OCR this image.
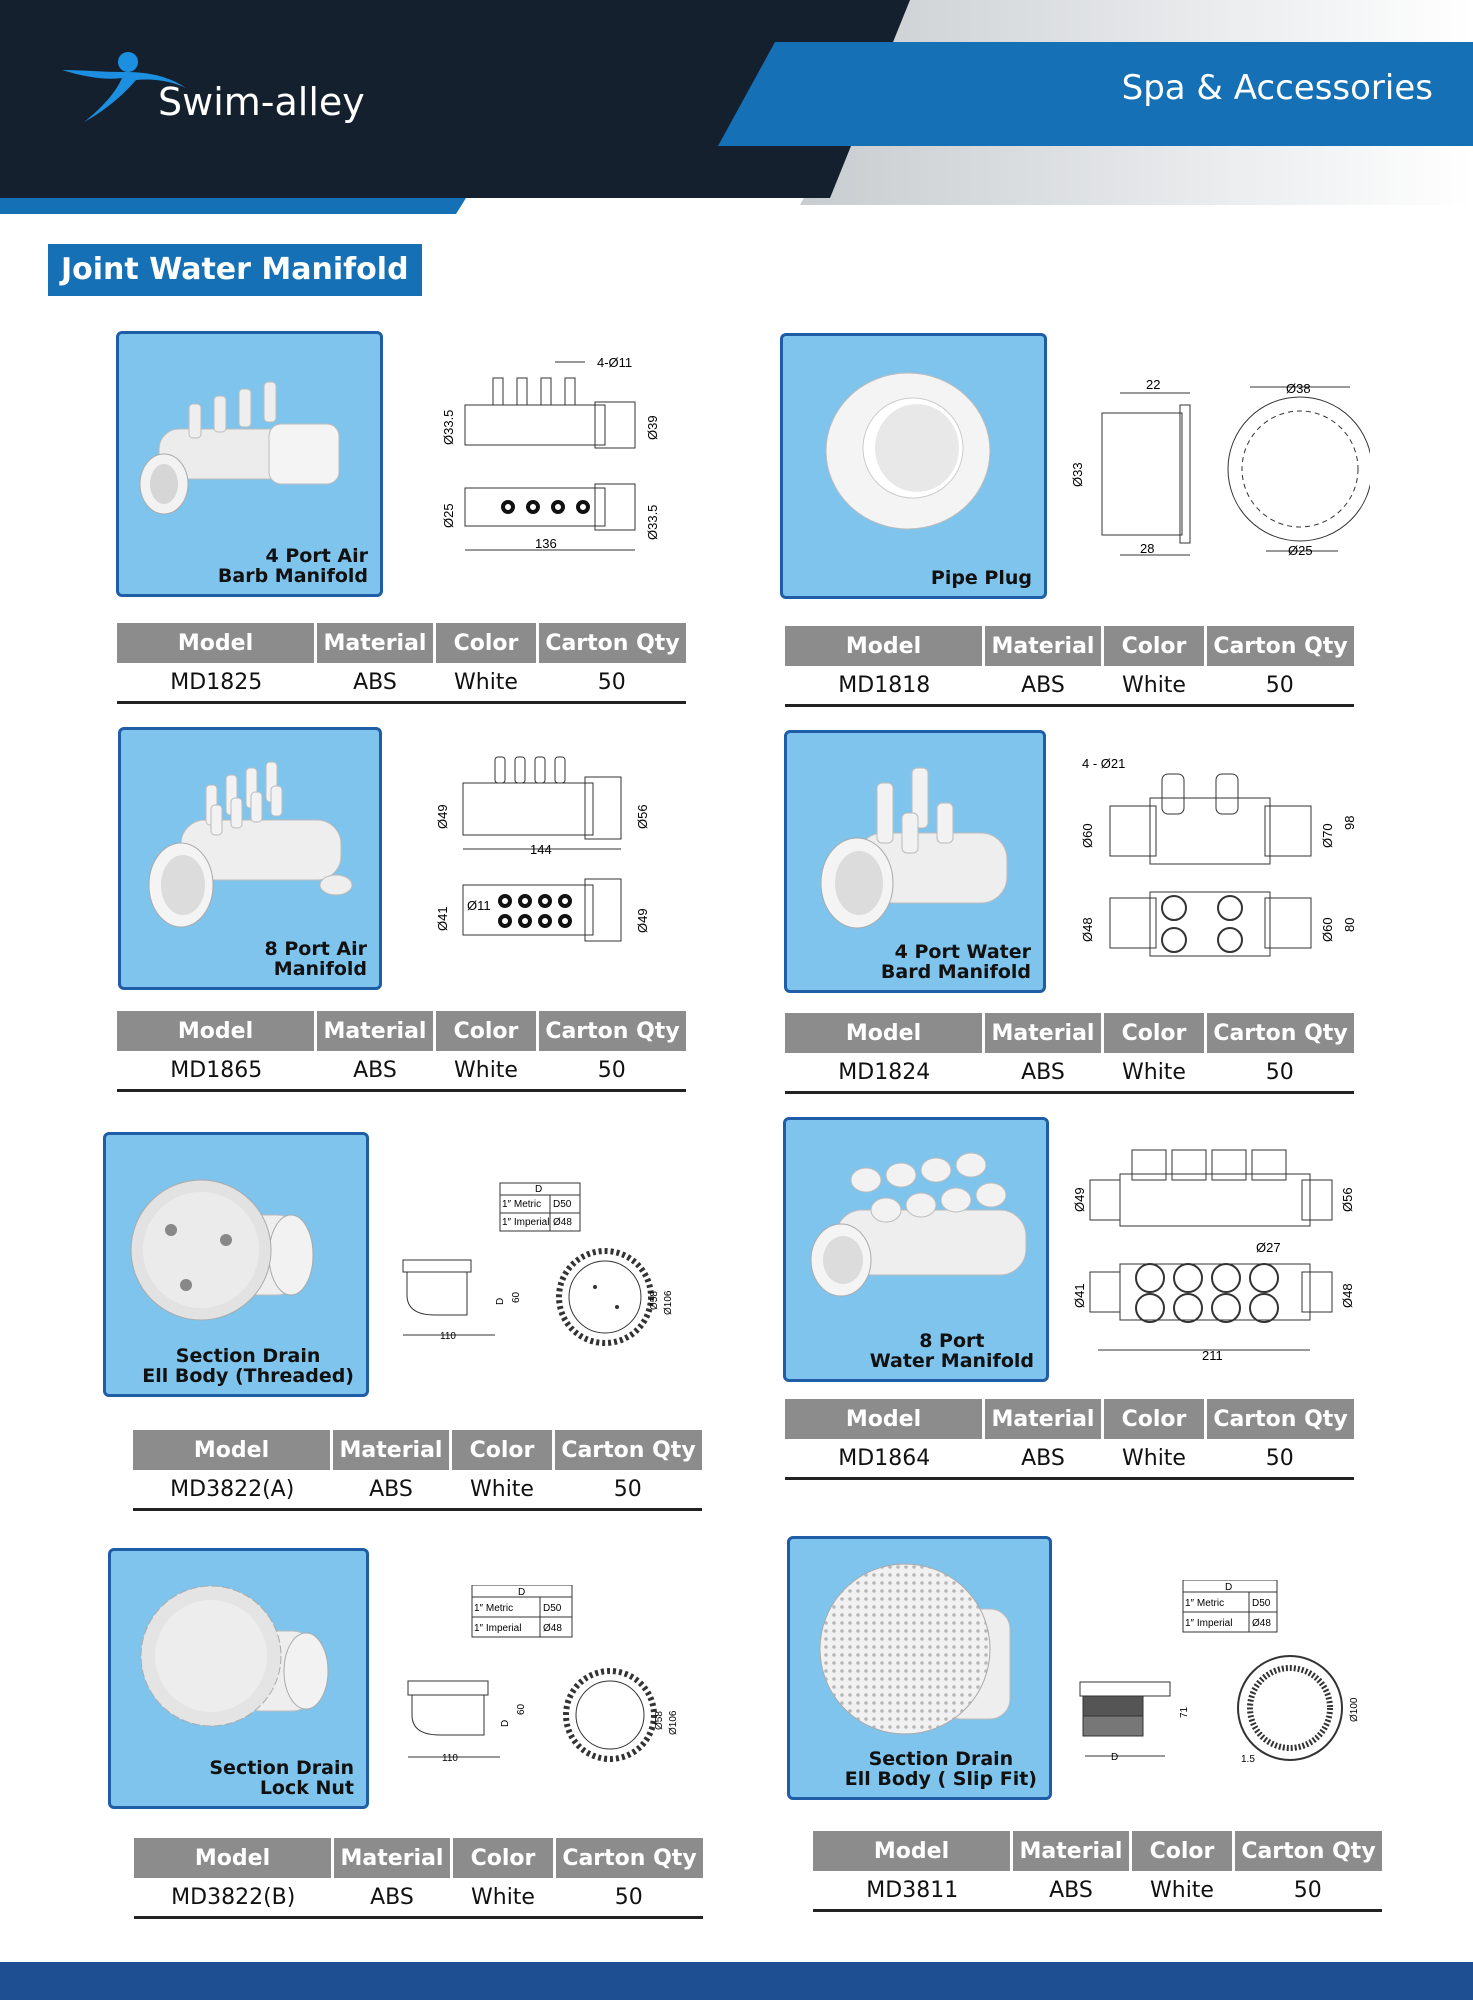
Swim-alley	Spa & Accessories
Joint Water Manifold
4 Port Air
Barb Manifold
4-Ø11
136
Ø33.5	Ø39
Ø25	Ø33.5
Model	Material	Color	Carton Qty
MD1825	ABS	White	50
Pipe Plug
22
Ø33
28
Ø38
Ø25
Model	Material	Color	Carton Qty
MD1818	ABS	White	50
8 Port Air
Manifold
144
Ø49	Ø56
Ø11
Ø41	Ø49
Model	Material	Color	Carton Qty
MD1865	ABS	White	50
4 Port Water
Bard Manifold
4 - Ø21
Ø60	Ø70
98
Ø48	Ø60 80
Model	Material	Color	Carton Qty
MD1824	ABS	White	50
Section Drain
Ell Body (Threaded)
D
1″ Metric D50
1″ Imperial Ø48
110
D 60	Ø58 Ø106
Model	Material	Color	Carton Qty
MD3822(A)	ABS	White	50
8 Port
Water Manifold
Ø49	Ø56
Ø27
Ø41	Ø48
211
Model	Material	Color	Carton Qty
MD1864	ABS	White	50
Section Drain
Lock Nut
D
1″ Metric	D50
1″ Imperial Ø48
110
D
60
Ø58 Ø106
Model	Material	Color	Carton Qty
MD3822(B)	ABS	White	50
Section Drain
Ell Body ( Slip Fit)
D
1″ Metric	D50
1″ Imperial Ø48
D
71	Ø100
1.5
Model	Material	Color	Carton Qty
MD3811	ABS	White	50
